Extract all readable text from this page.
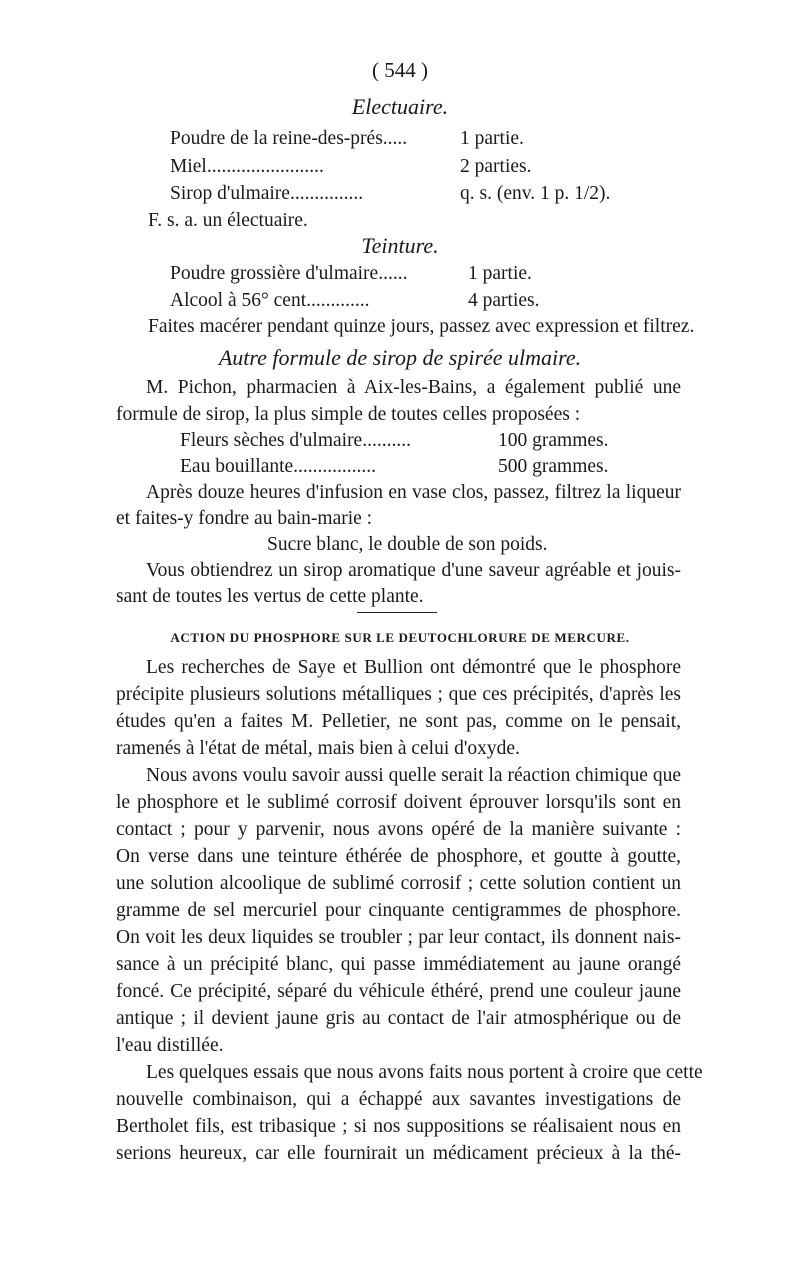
( 544 )
Electuaire.
Poudre de la reine-des-prés.....	1 partie.
Miel........................	2 parties.
Sirop d'ulmaire...............	q. s. (env. 1 p. 1/2).
F. s. a. un électuaire.
Teinture.
Poudre grossière d'ulmaire......	1 partie.
Alcool à 56° cent.............	4 parties.
Faites macérer pendant quinze jours, passez avec expression et filtrez.
Autre formule de sirop de spirée ulmaire.
M. Pichon, pharmacien à Aix-les-Bains, a également publié une
formule de sirop, la plus simple de toutes celles proposées :
Fleurs sèches d'ulmaire..........	100 grammes.
Eau bouillante.................	500 grammes.
Après douze heures d'infusion en vase clos, passez, filtrez la liqueur
et faites-y fondre au bain-marie :
Sucre blanc, le double de son poids.
Vous obtiendrez un sirop aromatique d'une saveur agréable et jouis-
sant de toutes les vertus de cette plante.
ACTION DU PHOSPHORE SUR LE DEUTOCHLORURE DE MERCURE.
Les recherches de Saye et Bullion ont démontré que le phosphore
précipite plusieurs solutions métalliques ; que ces précipités, d'après les
études qu'en a faites M. Pelletier, ne sont pas, comme on le pensait,
ramenés à l'état de métal, mais bien à celui d'oxyde.
Nous avons voulu savoir aussi quelle serait la réaction chimique que
le phosphore et le sublimé corrosif doivent éprouver lorsqu'ils sont en
contact ; pour y parvenir, nous avons opéré de la manière suivante :
On verse dans une teinture éthérée de phosphore, et goutte à goutte,
une solution alcoolique de sublimé corrosif ; cette solution contient un
gramme de sel mercuriel pour cinquante centigrammes de phosphore.
On voit les deux liquides se troubler ; par leur contact, ils donnent nais-
sance à un précipité blanc, qui passe immédiatement au jaune orangé
foncé. Ce précipité, séparé du véhicule éthéré, prend une couleur jaune
antique ; il devient jaune gris au contact de l'air atmosphérique ou de
l'eau distillée.
Les quelques essais que nous avons faits nous portent à croire que cette
nouvelle combinaison, qui a échappé aux savantes investigations de
Bertholet fils, est tribasique ; si nos suppositions se réalisaient nous en
serions heureux, car elle fournirait un médicament précieux à la thé-
